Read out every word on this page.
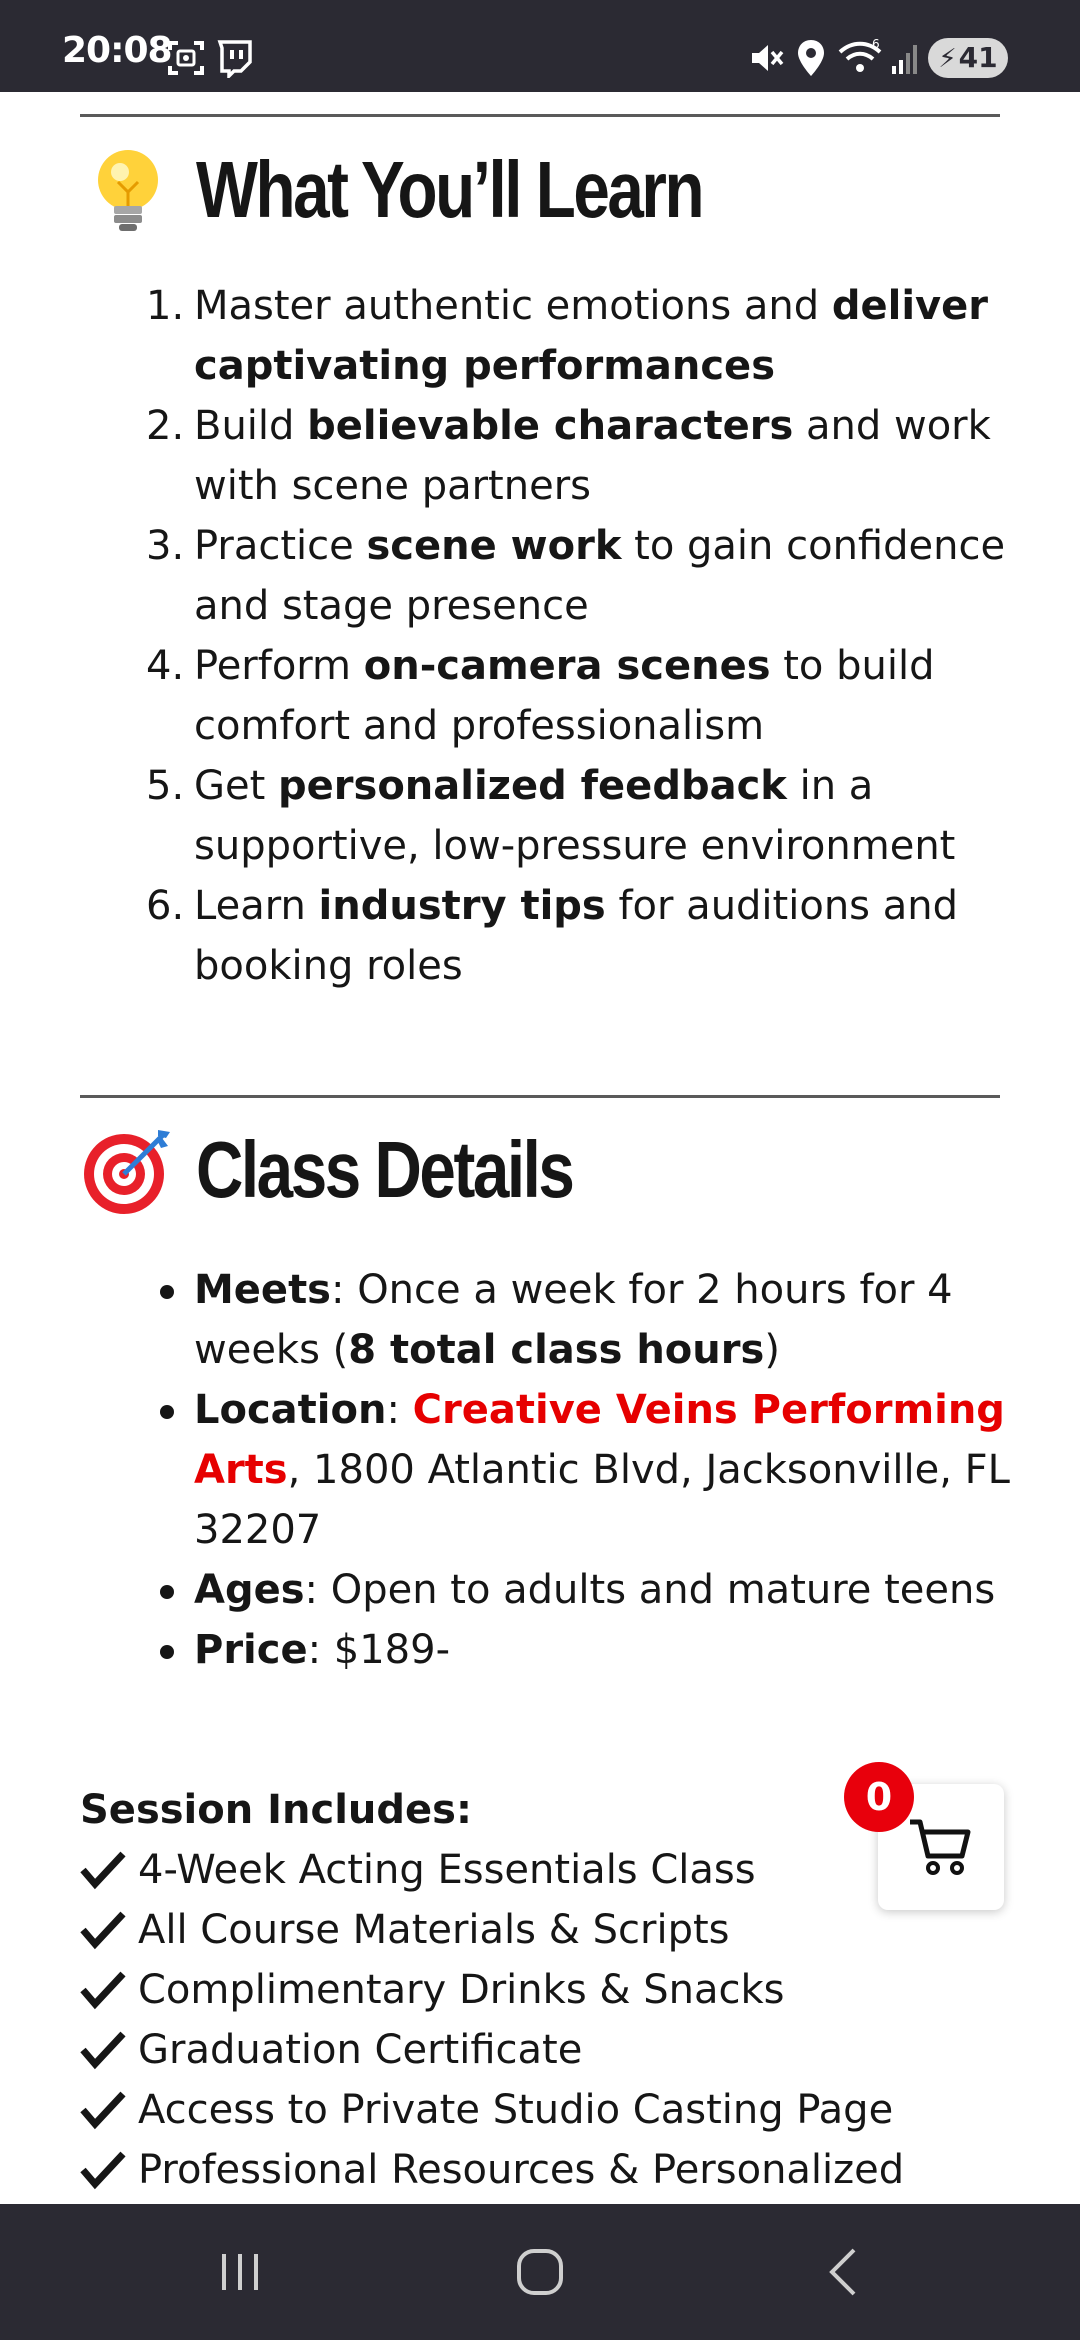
20:08	6	⚡41
What You’ll Learn
1. Master authentic emotions and deliver captivating performances
2. Build believable characters and work with scene partners
3. Practice scene work to gain confidence and stage presence
4. Perform on-camera scenes to build comfort and professionalism
5. Get personalized feedback in a supportive, low-pressure environment
6. Learn industry tips for auditions and booking roles
Class Details
Meets: Once a week for 2 hours for 4 weeks (8 total class hours)
Location: Creative Veins Performing Arts, 1800 Atlantic Blvd, Jacksonville, FL 32207
Ages: Open to adults and mature teens
Price: $189-
Session Includes:
4-Week Acting Essentials Class
All Course Materials & Scripts
Complimentary Drinks & Snacks
Graduation Certificate
Access to Private Studio Casting Page
Professional Resources & Personalized
0
